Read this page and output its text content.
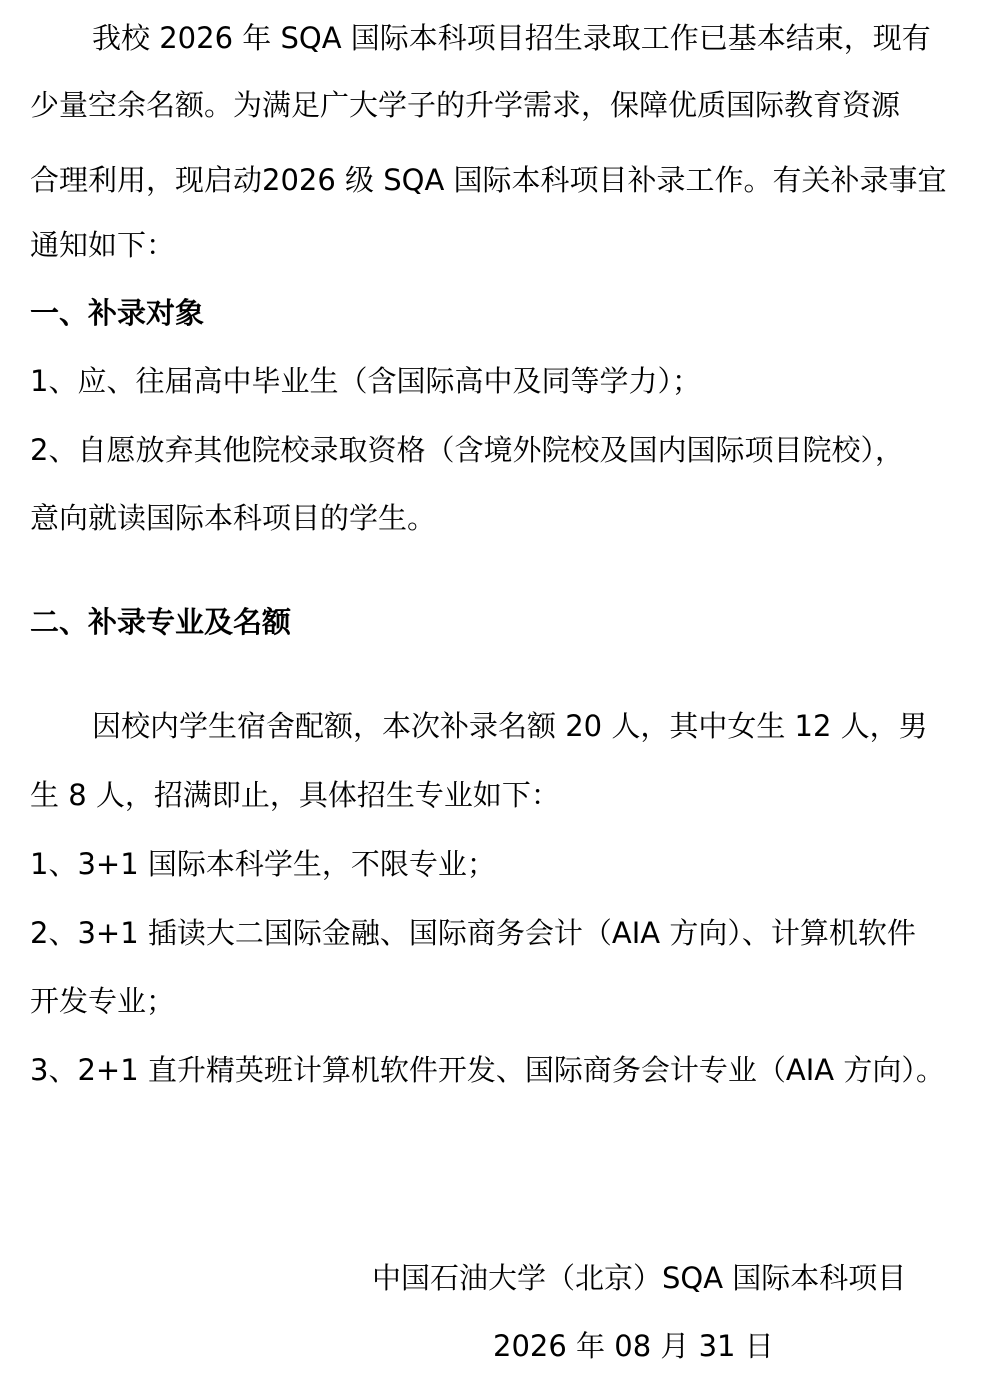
我校 2026 年 SQA 国际本科项目招生录取工作已基本结束，现有
少量空余名额。为满足广大学子的升学需求，保障优质国际教育资源
合理利用，现启动2026 级 SQA 国际本科项目补录工作。有关补录事宜
通知如下：
一、补录对象
1、应、往届高中毕业生（含国际高中及同等学力）；
2、自愿放弃其他院校录取资格（含境外院校及国内国际项目院校），
意向就读国际本科项目的学生。
二、补录专业及名额
因校内学生宿舍配额，本次补录名额 20 人，其中女生 12 人，男
生 8 人，招满即止，具体招生专业如下：
1、3+1 国际本科学生，不限专业；
2、3+1 插读大二国际金融、国际商务会计（AIA 方向）、计算机软件
开发专业；
3、2+1 直升精英班计算机软件开发、国际商务会计专业（AIA 方向）。
中国石油大学（北京）SQA 国际本科项目
2026 年 08 月 31 日
